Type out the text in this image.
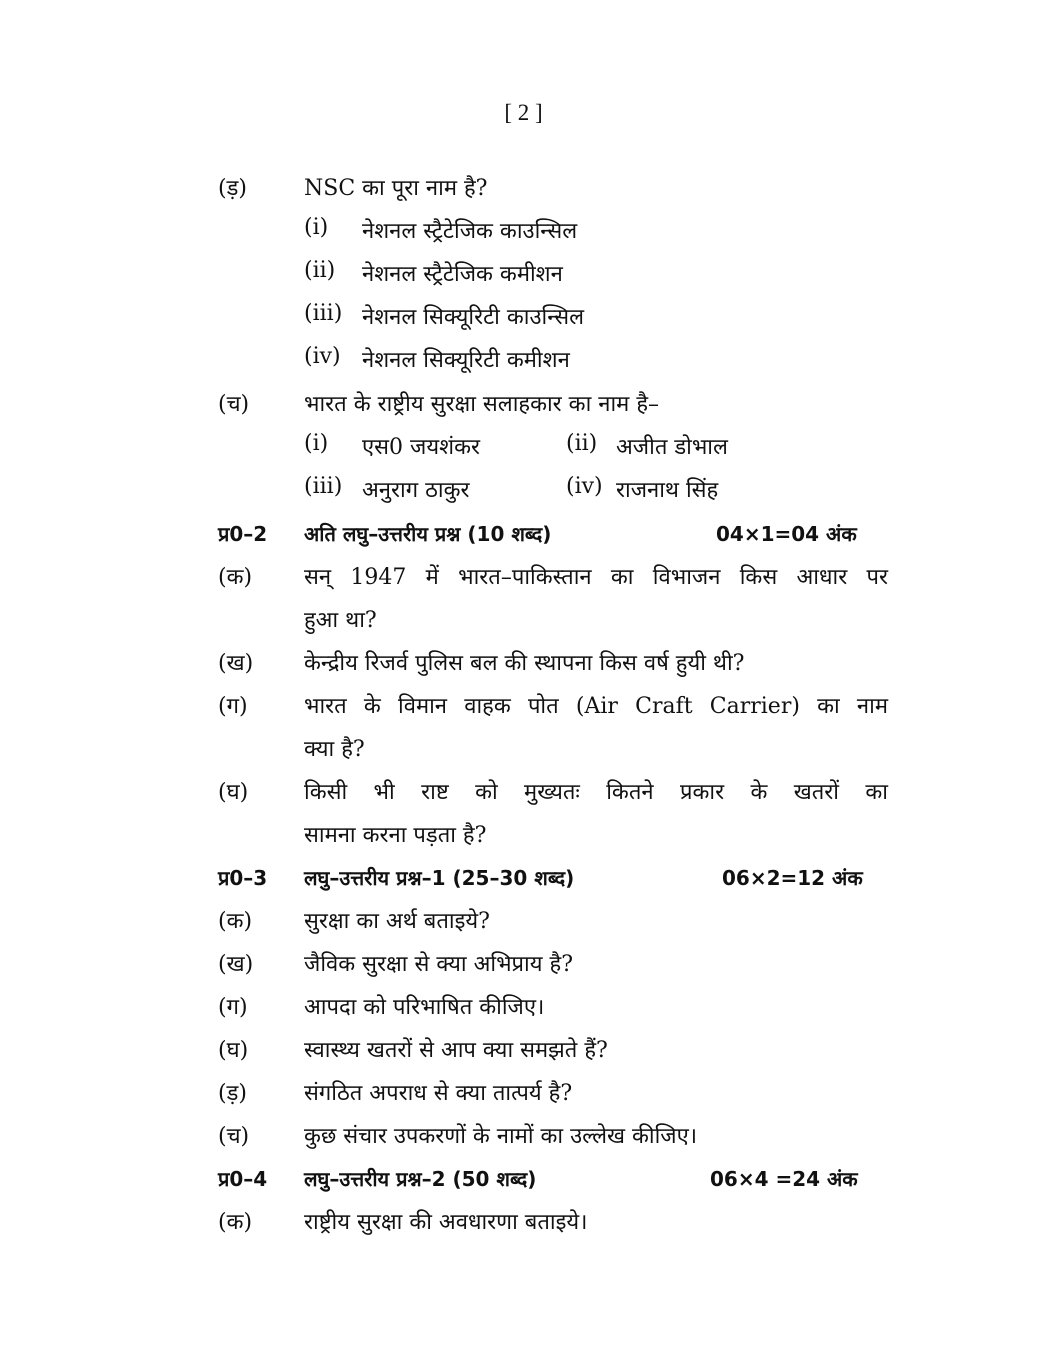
[ 2 ]
(ड़)	NSC का पूरा नाम है?
(i) नेशनल स्ट्रैटेजिक काउन्सिल
(ii) नेशनल स्ट्रैटेजिक कमीशन
(iii) नेशनल सिक्यूरिटी काउन्सिल
(iv) नेशनल सिक्यूरिटी कमीशन
(च) भारत के राष्ट्रीय सुरक्षा सलाहकार का नाम है–
(i) एस0 जयशंकर	(ii) अजीत डोभाल
(iii) अनुराग ठाकुर	(iv) राजनाथ सिंह
प्र0–2 अति लघु–उत्तरीय प्रश्न (10 शब्द)	04×1=04 अंक
(क) सन् 1947 में भारत–पाकिस्तान का विभाजन किस आधार पर
हुआ था?
(ख) केन्द्रीय रिजर्व पुलिस बल की स्थापना किस वर्ष हुयी थी?
(ग)	भारत के विमान वाहक पोत (Air Craft Carrier) का नाम
क्या है?
(घ)	किसी भी राष्ट को मुख्यतः कितने प्रकार के खतरों का
सामना करना पड़ता है?
प्र0–3 लघु–उत्तरीय प्रश्न–1 (25–30 शब्द)	06×2=12 अंक
(क) सुरक्षा का अर्थ बताइये?
(ख) जैविक सुरक्षा से क्या अभिप्राय है?
(ग)	आपदा को परिभाषित कीजिए।
(घ)	स्वास्थ्य खतरों से आप क्या समझते हैं?
(ड़)	संगठित अपराध से क्या तात्पर्य है?
(च) कुछ संचार उपकरणों के नामों का उल्लेख कीजिए।
प्र0–4 लघु–उत्तरीय प्रश्न–2 (50 शब्द)	06×4 =24 अंक
(क) राष्ट्रीय सुरक्षा की अवधारणा बताइये।
